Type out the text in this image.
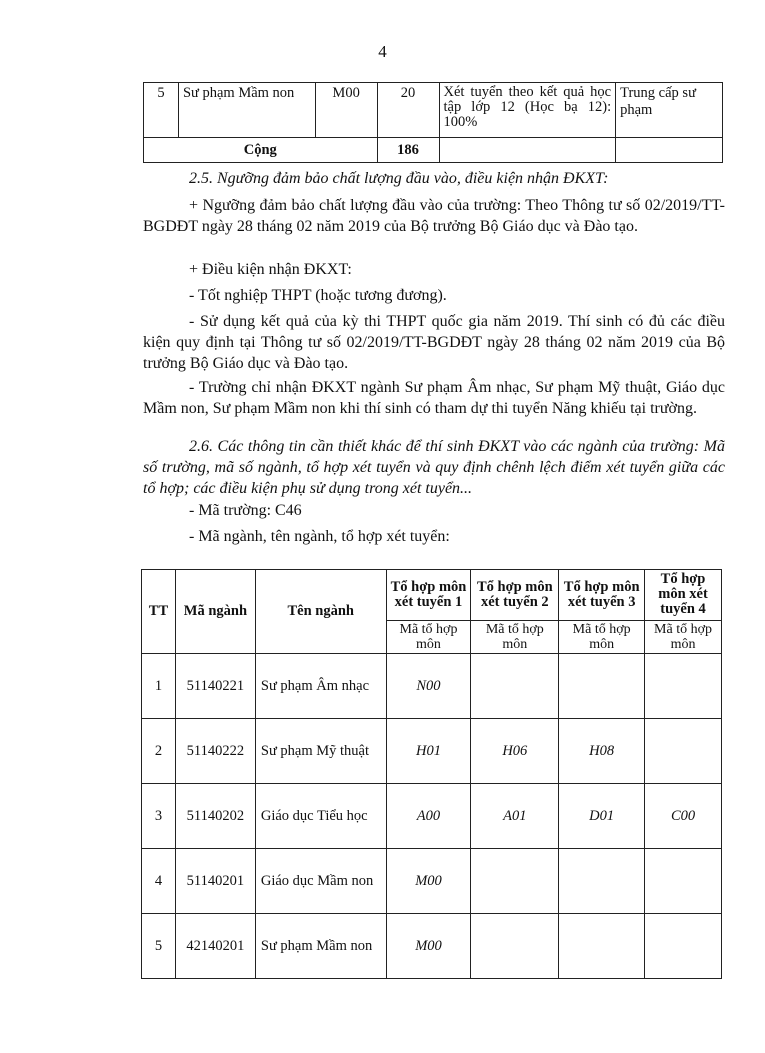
4
5	Sư phạm Mầm non	M00	20	Xét tuyển theo kết quả học tập lớp 12 (Học bạ 12): 100%	Trung cấp sư phạm
Cộng			186		
2.5. Ngưỡng đảm bảo chất lượng đầu vào, điều kiện nhận ĐKXT:
+ Ngưỡng đảm bảo chất lượng đầu vào của trường: Theo Thông tư số 02/2019/TT-BGDĐT ngày 28 tháng 02 năm 2019 của Bộ trưởng Bộ Giáo dục và Đào tạo.
+ Điều kiện nhận ĐKXT:
- Tốt nghiệp THPT (hoặc tương đương).
- Sử dụng kết quả của kỳ thi THPT quốc gia năm 2019. Thí sinh có đủ các điều kiện quy định tại Thông tư số 02/2019/TT-BGDĐT ngày 28 tháng 02 năm 2019 của Bộ trưởng Bộ Giáo dục và Đào tạo.
- Trường chỉ nhận ĐKXT ngành Sư phạm Âm nhạc, Sư phạm Mỹ thuật, Giáo dục Mầm non, Sư phạm Mầm non khi thí sinh có tham dự thi tuyển Năng khiếu tại trường.
2.6. Các thông tin cần thiết khác để thí sinh ĐKXT vào các ngành của trường: Mã số trường, mã số ngành, tổ hợp xét tuyển và quy định chênh lệch điểm xét tuyển giữa các tổ hợp; các điều kiện phụ sử dụng trong xét tuyển...
- Mã trường: C46
- Mã ngành, tên ngành, tổ hợp xét tuyển:
TT	Mã ngành	Tên ngành	Tổ hợp môn xét tuyển 1	Tổ hợp môn xét tuyển 2	Tổ hợp môn xét tuyển 3	Tổ hợp môn xét tuyển 4
			Mã tổ hợp môn	Mã tổ hợp môn	Mã tổ hợp môn	Mã tổ hợp môn
1	51140221	Sư phạm Âm nhạc	N00			
2	51140222	Sư phạm Mỹ thuật	H01	H06	H08	
3	51140202	Giáo dục Tiểu học	A00	A01	D01	C00
4	51140201	Giáo dục Mầm non	M00			
5	42140201	Sư phạm Mầm non	M00			
